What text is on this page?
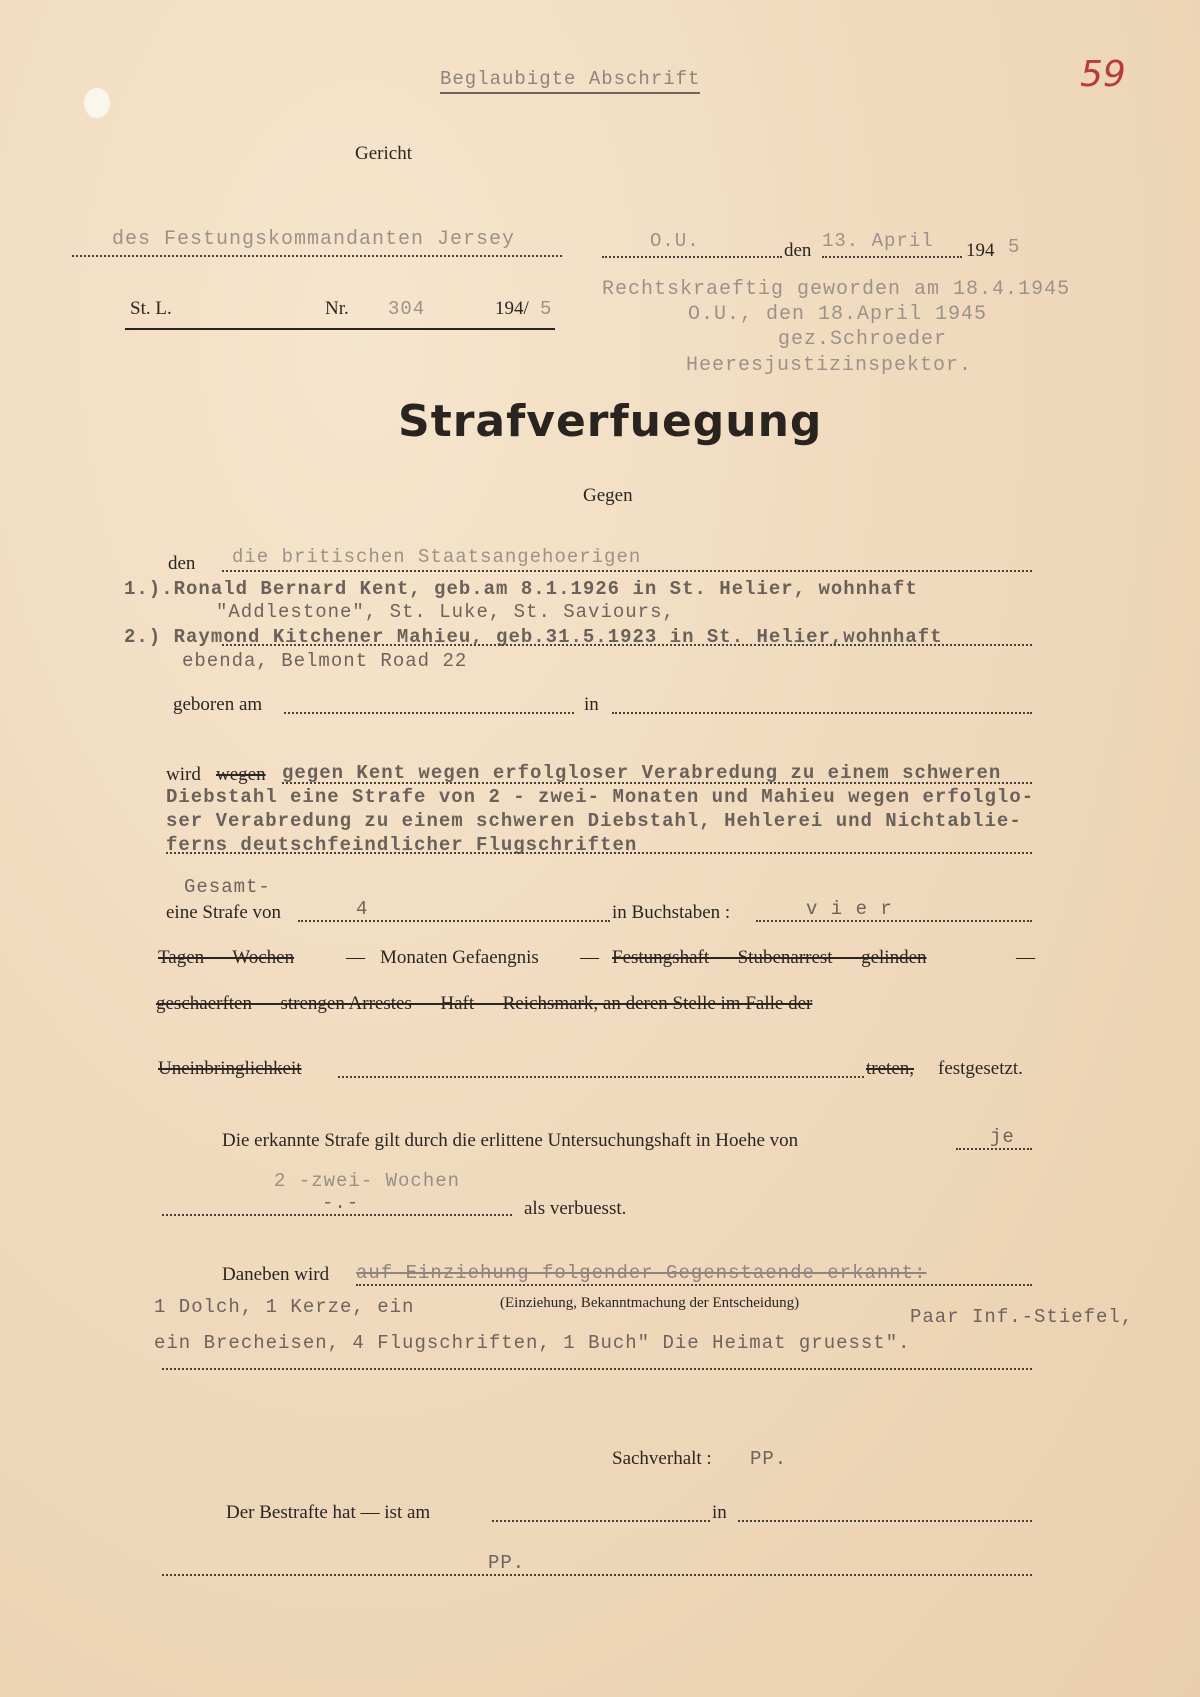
Beglaubigte Abschrift	59
Gericht
des Festungskommandanten Jersey	O.U.	den 13. April 194 5
St. L.	Nr. 304	194/ 5
Rechtskraeftig geworden am 18.4.1945
O.U., den 18.April 1945
gez.Schroeder
Heeresjustizinspektor.
Strafverfuegung
Gegen
den die britischen Staatsangehoerigen
1.).Ronald Bernard Kent, geb.am 8.1.1926 in St. Helier, wohnhaft
"Addlestone", St. Luke, St. Saviours,
2.) Raymond Kitchener Mahieu, geb.31.5.1923 in St. Helier,wohnhaft
ebenda, Belmont Road 22
geboren am	in
wird wegen gegen Kent wegen erfolgloser Verabredung zu einem schweren
Diebstahl eine Strafe von 2 - zwei- Monaten und Mahieu wegen erfolglo-
ser Verabredung zu einem schweren Diebstahl, Hehlerei und Nichtablie-
ferns deutschfeindlicher Flugschriften
Gesamt-
eine Strafe von	4	in Buchstaben :	v i e r
Tagen — Wochen	— Monaten Gefaengnis — Festungshaft — Stubenarrest — gelinden	—
geschaerften — strengen Arrestes — Haft — Reichsmark, an deren Stelle im Falle der
Uneinbringlichkeit	treten, festgesetzt.
Die erkannte Strafe gilt durch die erlittene Untersuchungshaft in Hoehe von	je
2 -zwei- Wochen
-.-	als verbuesst.
Daneben wird auf Einziehung folgender Gegenstaende erkannt:
1 Dolch, 1 Kerze, ein	(Einziehung, Bekanntmachung der Entscheidung)
Paar Inf.-Stiefel,
ein Brecheisen, 4 Flugschriften, 1 Buch" Die Heimat gruesst".
Sachverhalt : PP.
Der Bestrafte hat — ist am	in
PP.
